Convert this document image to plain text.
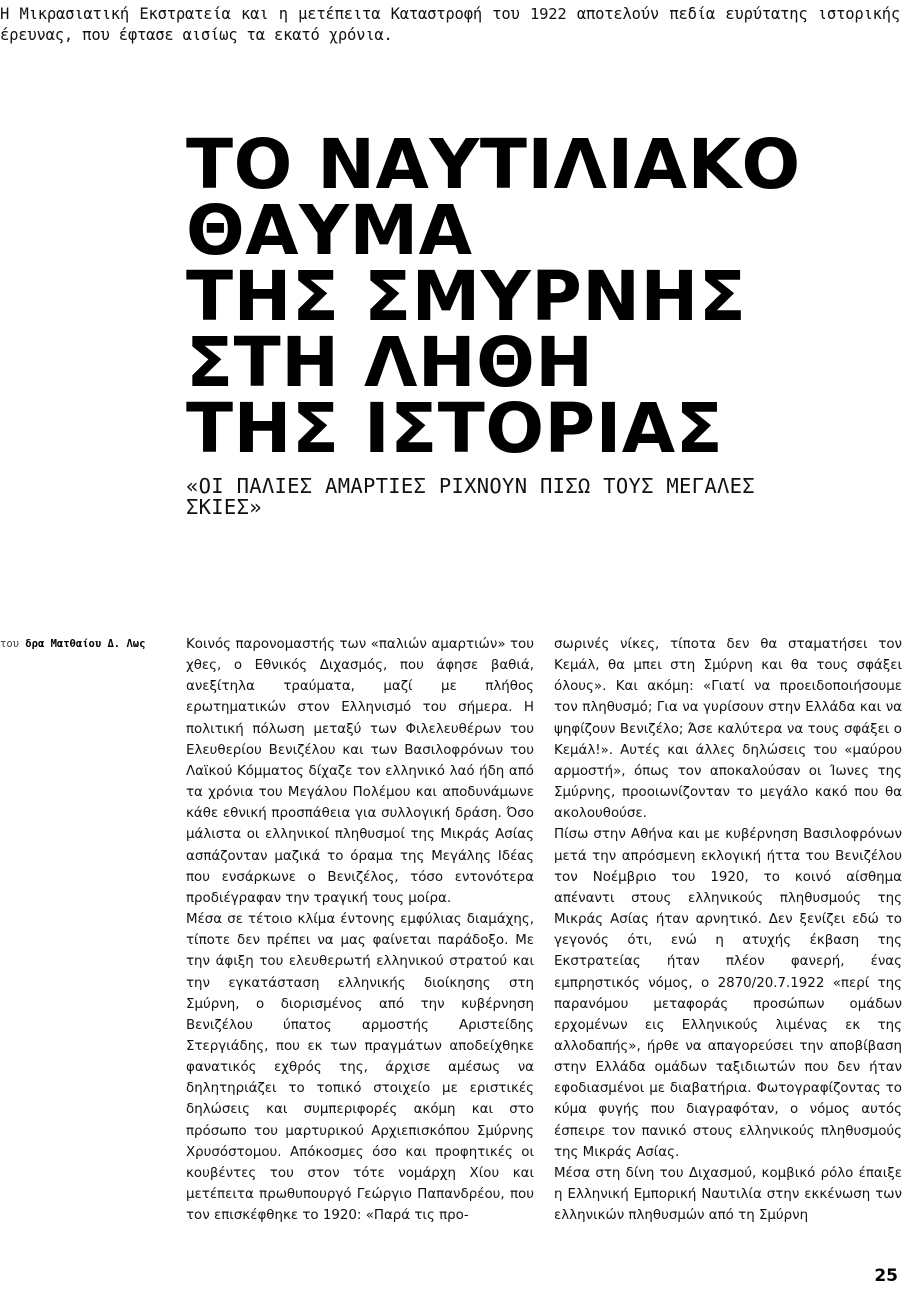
Η Μικρασιατική Εκστρατεία και η μετέπειτα Καταστροφή του 1922 αποτελούν πεδία ευρύτατης ιστορικής έρευνας, που έφτασε αισίως τα εκατό χρόνια.
ΤΟ ΝΑΥΤΙΛΙΑΚΟ
ΘΑΥΜΑ
ΤΗΣ ΣΜΥΡΝΗΣ
ΣΤΗ ΛΗΘΗ
ΤΗΣ ΙΣΤΟΡΙΑΣ
«ΟΙ ΠΑΛΙΕΣ ΑΜΑΡΤΙΕΣ ΡΙΧΝΟΥΝ ΠΙΣΩ ΤΟΥΣ ΜΕΓΑΛΕΣ ΣΚΙΕΣ»
του δρα Ματθαίου Δ. Λως	Κοινός παρονομαστής των «παλιών αμαρτιών» του χθες, ο Εθνικός Διχασμός, που άφησε βαθιά, ανεξίτηλα τραύματα, μαζί με πλήθος ερωτηματικών στον Ελληνισμό του σήμερα. Η πολιτική πόλωση μεταξύ των Φιλελευθέρων του Ελευθερίου Βενιζέλου και των Βασιλοφρόνων του Λαϊκού Κόμματος δίχαζε τον ελληνικό λαό ήδη από τα χρόνια του Μεγάλου Πολέμου και αποδυνάμωνε κάθε εθνική προσπάθεια για συλλογική δράση. Όσο μάλιστα οι ελληνικοί πληθυσμοί της Μικράς Ασίας ασπάζονταν μαζικά το όραμα της Μεγάλης Ιδέας που ενσάρκωνε ο Βενιζέλος, τόσο εντονότερα προδιέγραφαν την τραγική τους μοίρα.

Μέσα σε τέτοιο κλίμα έντονης εμφύλιας διαμάχης, τίποτε δεν πρέπει να μας φαίνεται παράδοξο. Με την άφιξη του ελευθερωτή ελληνικού στρατού και την εγκατάσταση ελληνικής διοίκησης στη Σμύρνη, ο διορισμένος από την κυβέρνηση Βενιζέλου ύπατος αρμοστής Αριστείδης Στεργιάδης, που εκ των πραγμάτων αποδείχθηκε φανατικός εχθρός της, άρχισε αμέσως να δηλητηριάζει το τοπικό στοιχείο με εριστικές δηλώσεις και συμπεριφορές ακόμη και στο πρόσωπο του μαρτυρικού Αρχιεπισκόπου Σμύρνης Χρυσόστομου. Απόκοσμες όσο και προφητικές οι κουβέντες του στον τότε νομάρχη Χίου και μετέπειτα πρωθυπουργό Γεώργιο Παπανδρέου, που τον επισκέφθηκε το 1920: «Παρά τις προ-

σωρινές νίκες, τίποτα δεν θα σταματήσει τον Κεμάλ, θα μπει στη Σμύρνη και θα τους σφάξει όλους». Και ακόμη: «Γιατί να προειδοποιήσουμε τον πληθυσμό; Για να γυρίσουν στην Ελλάδα και να ψηφίζουν Βενιζέλο; Άσε καλύτερα να τους σφάξει ο Κεμάλ!». Αυτές και άλλες δηλώσεις του «μαύρου αρμοστή», όπως τον αποκαλούσαν οι Ίωνες της Σμύρνης, προοιωνίζονταν το μεγάλο κακό που θα ακολουθούσε.

Πίσω στην Αθήνα και με κυβέρνηση Βασιλοφρόνων μετά την απρόσμενη εκλογική ήττα του Βενιζέλου τον Νοέμβριο του 1920, το κοινό αίσθημα απέναντι στους ελληνικούς πληθυσμούς της Μικράς Ασίας ήταν αρνητικό. Δεν ξενίζει εδώ το γεγονός ότι, ενώ η ατυχής έκβαση της Εκστρατείας ήταν πλέον φανερή, ένας εμπρηστικός νόμος, ο 2870/20.7.1922 «περί της παρανόμου μεταφοράς προσώπων ομάδων ερχομένων εις Ελληνικούς λιμένας εκ της αλλοδαπής», ήρθε να απαγορεύσει την αποβίβαση στην Ελλάδα ομάδων ταξιδιωτών που δεν ήταν εφοδιασμένοι με διαβατήρια. Φωτογραφίζοντας το κύμα φυγής που διαγραφόταν, ο νόμος αυτός έσπειρε τον πανικό στους ελληνικούς πληθυσμούς της Μικράς Ασίας.

Μέσα στη δίνη του Διχασμού, κομβικό ρόλο έπαιξε η Ελληνική Εμπορική Ναυτιλία στην εκκένωση των ελληνικών πληθυσμών από τη Σμύρνη

25
